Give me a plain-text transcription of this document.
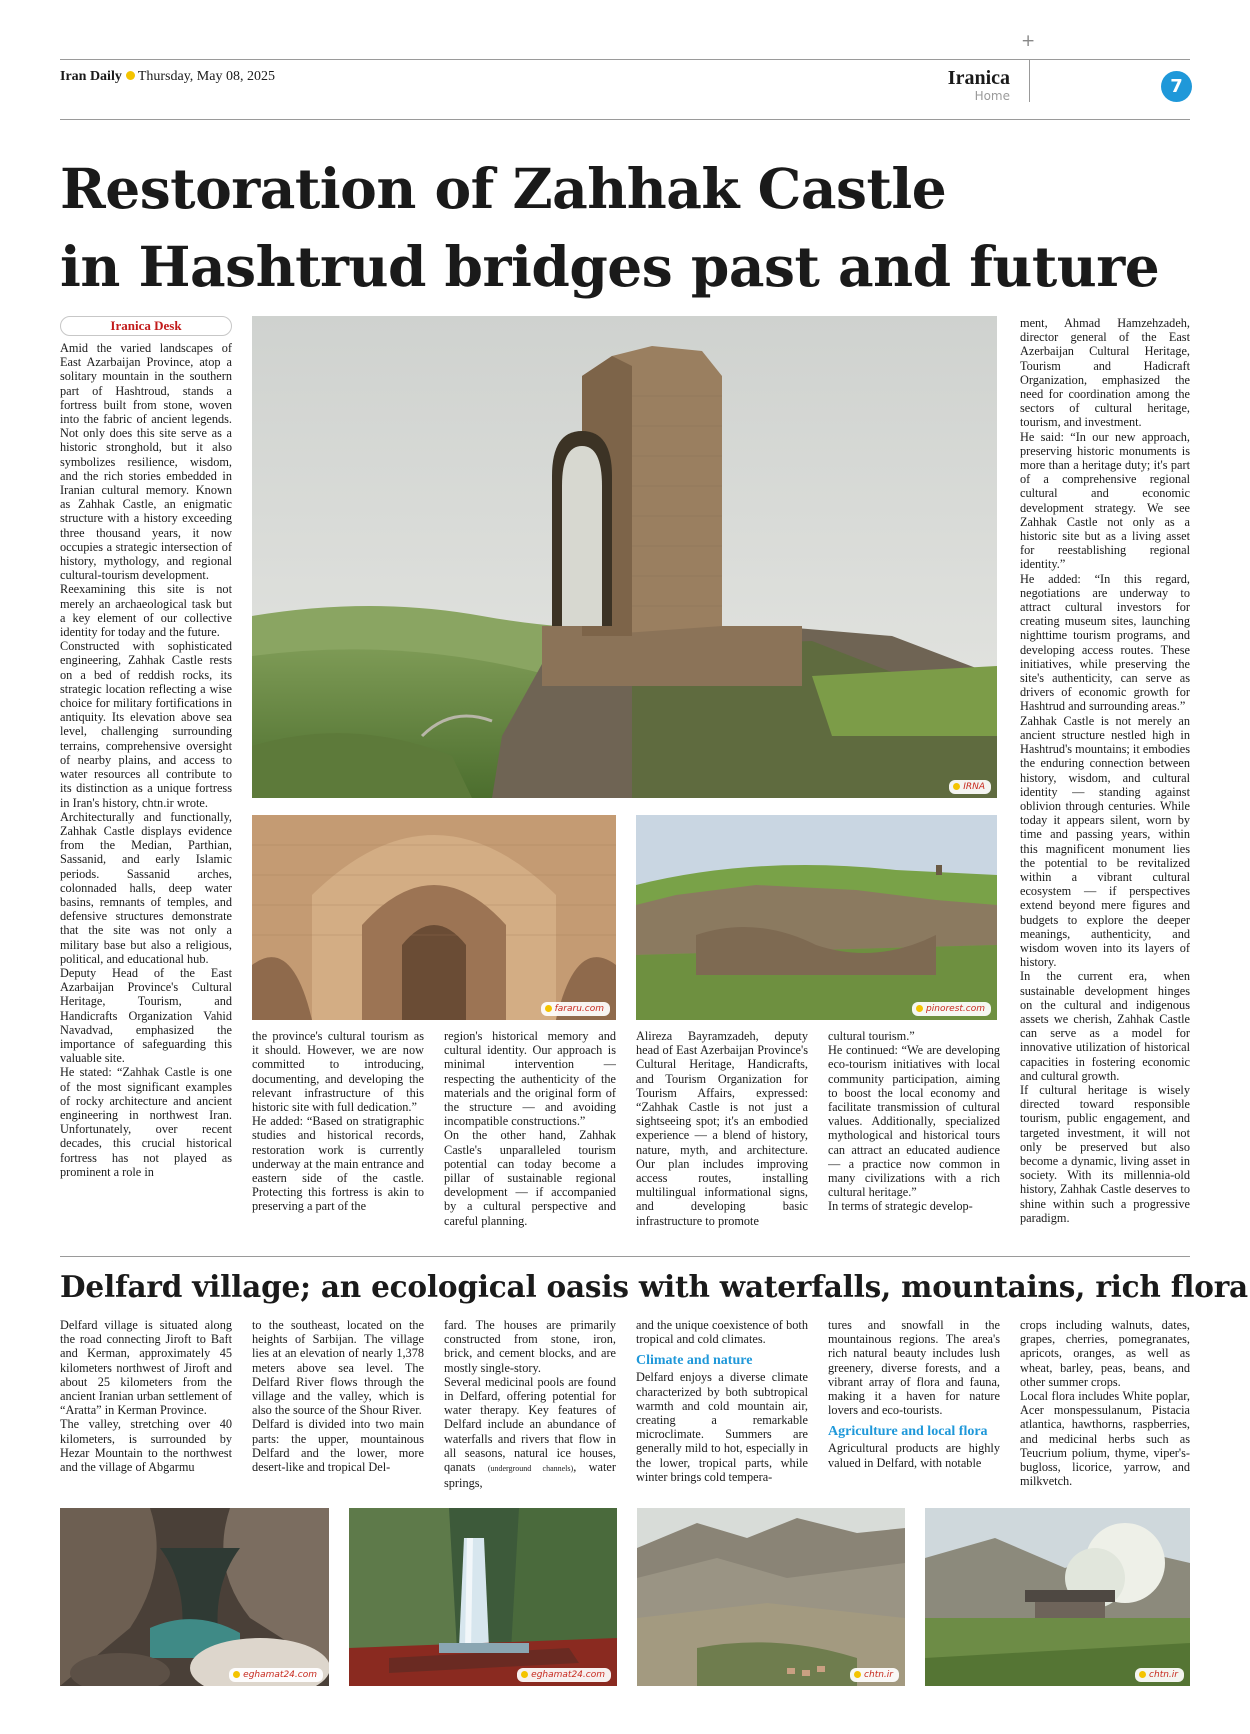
+
Iran Daily Thursday, May 08, 2025	Iranica
Home	7
Restoration of Zahhak Castle
in Hashtrud bridges past and future
Iranica Desk

Amid the varied landscapes of East Azarbaijan Province, atop a solitary mountain in the southern part of Hashtroud, stands a fortress built from stone, woven into the fabric of ancient legends. Not only does this site serve as a historic stronghold, but it also symbolizes resilience, wisdom, and the rich stories embedded in Iranian cultural memory. Known as Zahhak Castle, an enigmatic structure with a history exceeding three thousand years, it now occupies a strategic intersection of history, mythology, and regional cultural-tourism development.

Reexamining this site is not merely an archaeological task but a key element of our collective identity for today and the future.

Constructed with sophisticated engineering, Zahhak Castle rests on a bed of reddish rocks, its strategic location reflecting a wise choice for military fortifications in antiquity. Its elevation above sea level, challenging surrounding terrains, comprehensive oversight of nearby plains, and access to water resources all contribute to its distinction as a unique fortress in Iran's history, chtn.ir wrote.

Architecturally and functionally, Zahhak Castle displays evidence from the Median, Parthian, Sassanid, and early Islamic periods. Sassanid arches, colonnaded halls, deep water basins, remnants of temples, and defensive structures demonstrate that the site was not only a military base but also a religious, political, and educational hub.

Deputy Head of the East Azarbaijan Province's Cultural Heritage, Tourism, and Handicrafts Organization Vahid Navadvad, emphasized the importance of safeguarding this valuable site.

He stated: “Zahhak Castle is one of the most significant examples of rocky architecture and ancient engineering in northwest Iran. Unfortunately, over recent decades, this crucial historical fortress has not played as prominent a role in

IRNA
fararu.com	pinorest.com

the province's cultural tourism as it should. However, we are now committed to introducing, documenting, and developing the relevant infrastructure of this historic site with full dedication.”

He added: “Based on stratigraphic studies and historical records, restoration work is currently underway at the main entrance and eastern side of the castle. Protecting this fortress is akin to preserving a part of the

region's historical memory and cultural identity. Our approach is minimal intervention — respecting the authenticity of the materials and the original form of the structure — and avoiding incompatible constructions.”

On the other hand, Zahhak Castle's unparalleled tourism potential can today become a pillar of sustainable regional development — if accompanied by a cultural perspective and careful planning.

Alireza Bayramzadeh, deputy head of East Azerbaijan Province's Cultural Heritage, Handicrafts, and Tourism Organization for Tourism Affairs, expressed: “Zahhak Castle is not just a sightseeing spot; it's an embodied experience — a blend of history, nature, myth, and architecture. Our plan includes improving access routes, installing multilingual informational signs, and developing basic infrastructure to promote

cultural tourism.”

He continued: “We are developing eco-tourism initiatives with local community participation, aiming to boost the local economy and facilitate transmission of cultural values. Additionally, specialized mythological and historical tours can attract an educated audience — a practice now common in many civilizations with a rich cultural heritage.”

In terms of strategic develop-

ment, Ahmad Hamzehzadeh, director general of the East Azerbaijan Cultural Heritage, Tourism and Hadicraft Organization, emphasized the need for coordination among the sectors of cultural heritage, tourism, and investment.

He said: “In our new approach, preserving historic monuments is more than a heritage duty; it's part of a comprehensive regional cultural and economic development strategy. We see Zahhak Castle not only as a historic site but as a living asset for reestablishing regional identity.”

He added: “In this regard, negotiations are underway to attract cultural investors for creating museum sites, launching nighttime tourism programs, and developing access routes. These initiatives, while preserving the site's authenticity, can serve as drivers of economic growth for Hashtrud and surrounding areas.”

Zahhak Castle is not merely an ancient structure nestled high in Hashtrud's mountains; it embodies the enduring connection between history, wisdom, and cultural identity — standing against oblivion through centuries. While today it appears silent, worn by time and passing years, within this magnificent monument lies the potential to be revitalized within a vibrant cultural ecosystem — if perspectives extend beyond mere figures and budgets to explore the deeper meanings, authenticity, and wisdom woven into its layers of history.

In the current era, when sustainable development hinges on the cultural and indigenous assets we cherish, Zahhak Castle can serve as a model for innovative utilization of historical capacities in fostering economic and cultural growth.

If cultural heritage is wisely directed toward responsible tourism, public engagement, and targeted investment, it will not only be preserved but also become a dynamic, living asset in society. With its millennia-old history, Zahhak Castle deserves to shine within such a progressive paradigm.

Delfard village; an ecological oasis with waterfalls, mountains, rich flora

Delfard village is situated along the road connecting Jiroft to Baft and Kerman, approximately 45 kilometers northwest of Jiroft and about 25 kilometers from the ancient Iranian urban settlement of “Aratta” in Kerman Province.

The valley, stretching over 40 kilometers, is surrounded by Hezar Mountain to the northwest and the village of Abgarmu

to the southeast, located on the heights of Sarbijan. The village lies at an elevation of nearly 1,378 meters above sea level. The Delfard River flows through the village and the valley, which is also the source of the Shour River.

Delfard is divided into two main parts: the upper, mountainous Delfard and the lower, more desert-like and tropical Del-

fard. The houses are primarily constructed from stone, iron, brick, and cement blocks, and are mostly single-story.

Several medicinal pools are found in Delfard, offering potential for water therapy. Key features of Delfard include an abundance of waterfalls and rivers that flow in all seasons, natural ice houses, qanats (underground channels), water springs,

and the unique coexistence of both tropical and cold climates.

Climate and nature

Delfard enjoys a diverse climate characterized by both subtropical warmth and cold mountain air, creating a remarkable microclimate. Summers are generally mild to hot, especially in the lower, tropical parts, while winter brings cold tempera-

tures and snowfall in the mountainous regions. The area's rich natural beauty includes lush greenery, diverse forests, and a vibrant array of flora and fauna, making it a haven for nature lovers and eco-tourists.

Agriculture and local flora

Agricultural products are highly valued in Delfard, with notable

crops including walnuts, dates, grapes, cherries, pomegranates, apricots, oranges, as well as wheat, barley, peas, beans, and other summer crops.

Local flora includes White poplar, Acer monspessulanum, Pistacia atlantica, hawthorns, raspberries, and medicinal herbs such as Teucrium polium, thyme, viper's-bugloss, licorice, yarrow, and milkvetch.

eghamat24.com	eghamat24.com	chtn.ir	chtn.ir
